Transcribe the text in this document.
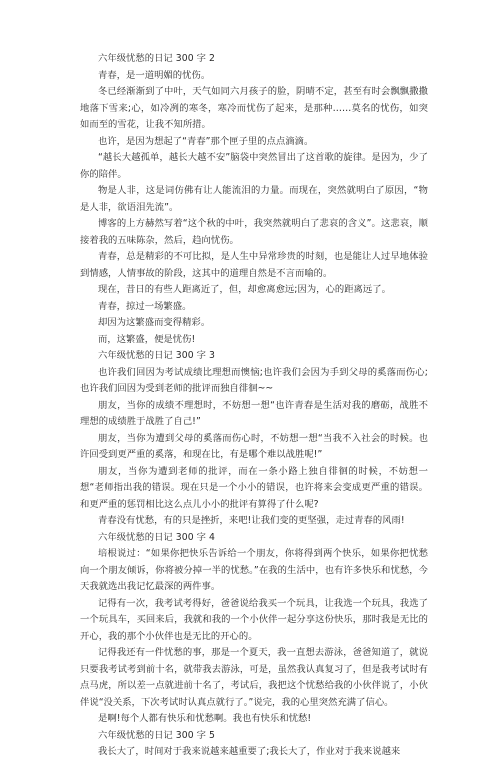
六年级忧愁的日记 300 字 2

青春，是一道明媚的忧伤。

冬已经渐渐到了中叶，天气如同六月孩子的脸，阴晴不定，甚至有时会飘飘撒撒地落下雪来;心，如冷冽的寒冬，寒冷而忧伤了起来，是那种……莫名的忧伤，如突如而至的雪花，让我不知所措。

也许，是因为想起了“青春”那个匣子里的点点滴滴。

“越长大越孤单，越长大越不安”脑袋中突然冒出了这首歌的旋律。是因为，少了你的陪伴。

物是人非，这是词仿佛有让人能流泪的力量。而现在，突然就明白了原因，“物是人非，欲语泪先流”。

博客的上方赫然写着“这个秋的中叶，我突然就明白了悲哀的含义”。这悲哀，顺接着我的五味陈杂，然后，趋向忧伤。

青春，总是精彩的不可比拟，是人生中异常珍贵的时刻，也是能让人过早地体验到情感，人情事故的阶段，这其中的道理自然是不言而喻的。

现在，昔日的有些人距离近了，但，却愈离愈远;因为，心的距离远了。

青春，掠过一场繁盛。

却因为这繁盛而变得精彩。

而，这繁盛，便是忧伤!

六年级忧愁的日记 300 字 3

也许我们回因为考试成绩比理想而懊恼;也许我们会因为手到父母的奚落而伤心;也许我们回因为受到老师的批评而独自徘徊~~

朋友，当你的成绩不理想时，不妨想一想“也许青春是生活对我的磨砺，战胜不理想的成绩胜于战胜了自己!”

朋友，当你为遭到父母的奚落而伤心时，不妨想一想“当我不入社会的时候。也许回受到更严重的奚落，和现在比，有是哪个难以战胜呢!”

朋友，当你为遭到老师的批评，而在一条小路上独自徘徊的时候，不妨想一想“老师指出我的错误。现在只是一个小小的错误，也许将来会变成更严重的错误。和更严重的惩罚相比这么点儿小小的批评有算得了什么呢?

青春没有忧愁，有的只是挫折，来吧!让我们变的更坚强，走过青春的风雨!

六年级忧愁的日记 300 字 4

培根说过：“如果你把快乐告诉给一个朋友，你将得到两个快乐，如果你把忧愁向一个朋友倾诉，你将被分掉一半的忧愁。”在我的生活中，也有许多快乐和忧愁，今天我就选出我记忆最深的两件事。

记得有一次，我考试考得好，爸爸说给我买一个玩具，让我选一个玩具，我选了一个玩具车，买回来后，我就和我的一个小伙伴一起分享这份快乐，那时我是无比的开心，我的那个小伙伴也是无比的开心的。

记得我还有一件忧愁的事，那是一个夏天，我一直想去游泳，爸爸知道了，就说只要我考试考到前十名，就带我去游泳，可是，虽然我认真复习了，但是我考试时有点马虎，所以差一点就进前十名了，考试后，我把这个忧愁给我的小伙伴说了，小伙伴说“没关系，下次考试时认真点就行了。”说完，我的心里突然充满了信心。

是啊!每个人都有快乐和忧愁啊。我也有快乐和忧愁!

六年级忧愁的日记 300 字 5

我长大了，时间对于我来说越来越重要了;我长大了，作业对于我来说越来
